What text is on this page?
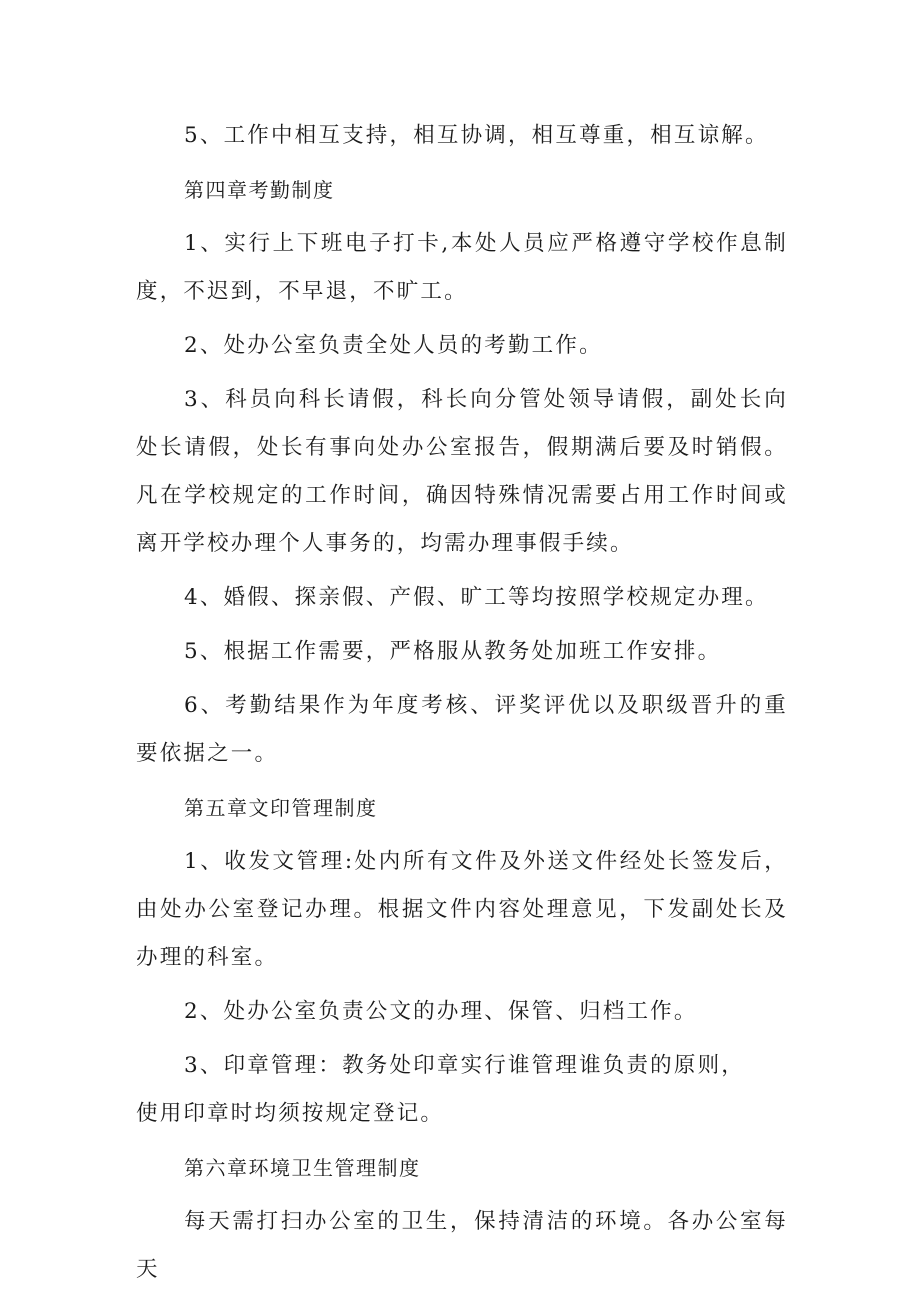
5、工作中相互支持，相互协调，相互尊重，相互谅解。

第四章考勤制度

1、实行上下班电子打卡,本处人员应严格遵守学校作息制度，不迟到，不早退，不旷工。

2、处办公室负责全处人员的考勤工作。

3、科员向科长请假，科长向分管处领导请假，副处长向处长请假，处长有事向处办公室报告，假期满后要及时销假。凡在学校规定的工作时间，确因特殊情况需要占用工作时间或离开学校办理个人事务的，均需办理事假手续。

4、婚假、探亲假、产假、旷工等均按照学校规定办理。

5、根据工作需要，严格服从教务处加班工作安排。

6、考勤结果作为年度考核、评奖评优以及职级晋升的重要依据之一。

第五章文印管理制度

1、收发文管理:处内所有文件及外送文件经处长签发后，由处办公室登记办理。根据文件内容处理意见，下发副处长及办理的科室。

2、处办公室负责公文的办理、保管、归档工作。

3、印章管理：教务处印章实行谁管理谁负责的原则，

使用印章时均须按规定登记。

第六章环境卫生管理制度

每天需打扫办公室的卫生，保持清洁的环境。各办公室每天
